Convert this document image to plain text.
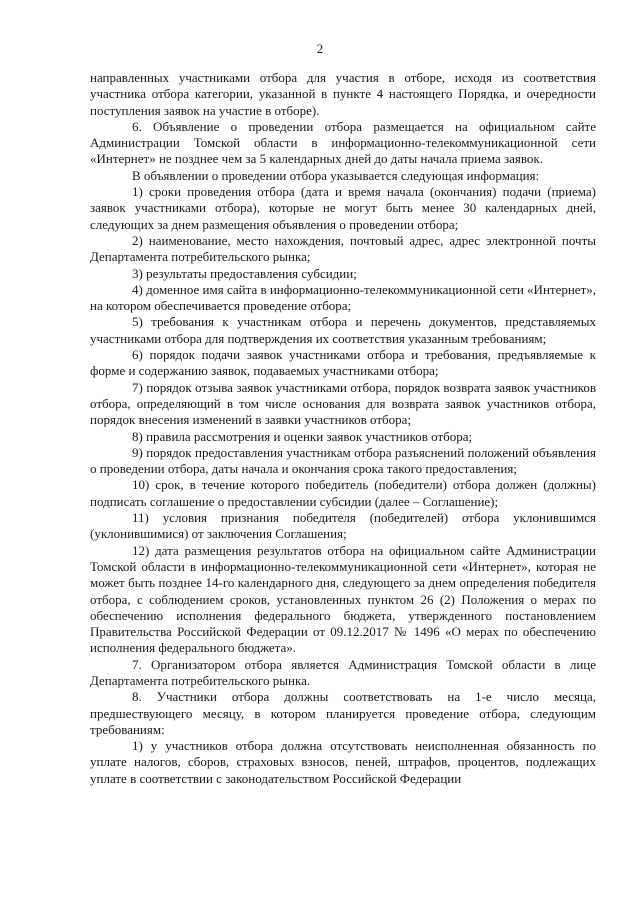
2

направленных участниками отбора для участия в отборе, исходя из соответствия участника отбора категории, указанной в пункте 4 настоящего Порядка, и очередности поступления заявок на участие в отборе).

6. Объявление о проведении отбора размещается на официальном сайте Администрации Томской области в информационно-телекоммуникационной сети «Интернет» не позднее чем за 5 календарных дней до даты начала приема заявок.

В объявлении о проведении отбора указывается следующая информация:

1) сроки проведения отбора (дата и время начала (окончания) подачи (приема) заявок участниками отбора), которые не могут быть менее 30 календарных дней, следующих за днем размещения объявления о проведении отбора;

2) наименование, место нахождения, почтовый адрес, адрес электронной почты Департамента потребительского рынка;

3) результаты предоставления субсидии;

4) доменное имя сайта в информационно-телекоммуникационной сети «Интернет», на котором обеспечивается проведение отбора;

5) требования к участникам отбора и перечень документов, представляемых участниками отбора для подтверждения их соответствия указанным требованиям;

6) порядок подачи заявок участниками отбора и требования, предъявляемые к форме и содержанию заявок, подаваемых участниками отбора;

7) порядок отзыва заявок участниками отбора, порядок возврата заявок участников отбора, определяющий в том числе основания для возврата заявок участников отбора, порядок внесения изменений в заявки участников отбора;

8) правила рассмотрения и оценки заявок участников отбора;

9) порядок предоставления участникам отбора разъяснений положений объявления о проведении отбора, даты начала и окончания срока такого предоставления;

10) срок, в течение которого победитель (победители) отбора должен (должны) подписать соглашение о предоставлении субсидии (далее – Соглашение);

11) условия признания победителя (победителей) отбора уклонившимся (уклонившимися) от заключения Соглашения;

12) дата размещения результатов отбора на официальном сайте Администрации Томской области в информационно-телекоммуникационной сети «Интернет», которая не может быть позднее 14-го календарного дня, следующего за днем определения победителя отбора, с соблюдением сроков, установленных пунктом 26 (2) Положения о мерах по обеспечению исполнения федерального бюджета, утвержденного постановлением Правительства Российской Федерации от 09.12.2017 № 1496 «О мерах по обеспечению исполнения федерального бюджета».

7. Организатором отбора является Администрация Томской области в лице Департамента потребительского рынка.

8. Участники отбора должны соответствовать на 1-е число месяца, предшествующего месяцу, в котором планируется проведение отбора, следующим требованиям:

1) у участников отбора должна отсутствовать неисполненная обязанность по уплате налогов, сборов, страховых взносов, пеней, штрафов, процентов, подлежащих уплате в соответствии с законодательством Российской Федерации
